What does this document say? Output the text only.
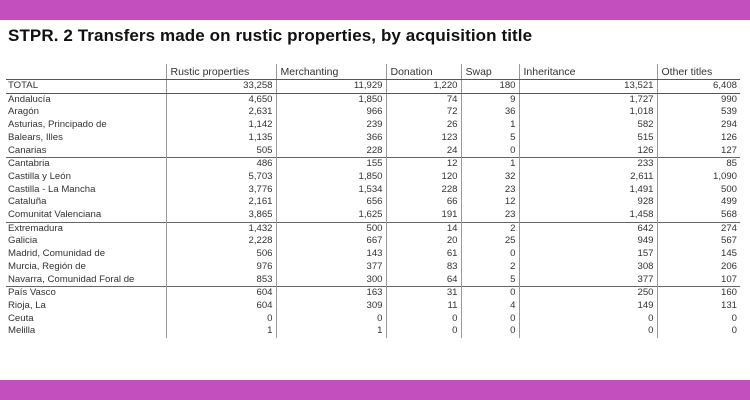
STPR. 2 Transfers made on rustic properties, by acquisition title
	Rustic properties	Merchanting	Donation	Swap	Inheritance	Other titles
TOTAL	33,258	11,929	1,220	180	13,521	6,408
Andalucía	4,650	1,850	74	9	1,727	990
Aragón	2,631	966	72	36	1,018	539
Asturias, Principado de	1,142	239	26	1	582	294
Balears, Illes	1,135	366	123	5	515	126
Canarias	505	228	24	0	126	127
Cantabria	486	155	12	1	233	85
Castilla y León	5,703	1,850	120	32	2,611	1,090
Castilla - La Mancha	3,776	1,534	228	23	1,491	500
Cataluña	2,161	656	66	12	928	499
Comunitat Valenciana	3,865	1,625	191	23	1,458	568
Extremadura	1,432	500	14	2	642	274
Galicia	2,228	667	20	25	949	567
Madrid, Comunidad de	506	143	61	0	157	145
Murcia, Región de	976	377	83	2	308	206
Navarra, Comunidad Foral de	853	300	64	5	377	107
País Vasco	604	163	31	0	250	160
Rioja, La	604	309	11	4	149	131
Ceuta	0	0	0	0	0	0
Melilla	1	1	0	0	0	0
